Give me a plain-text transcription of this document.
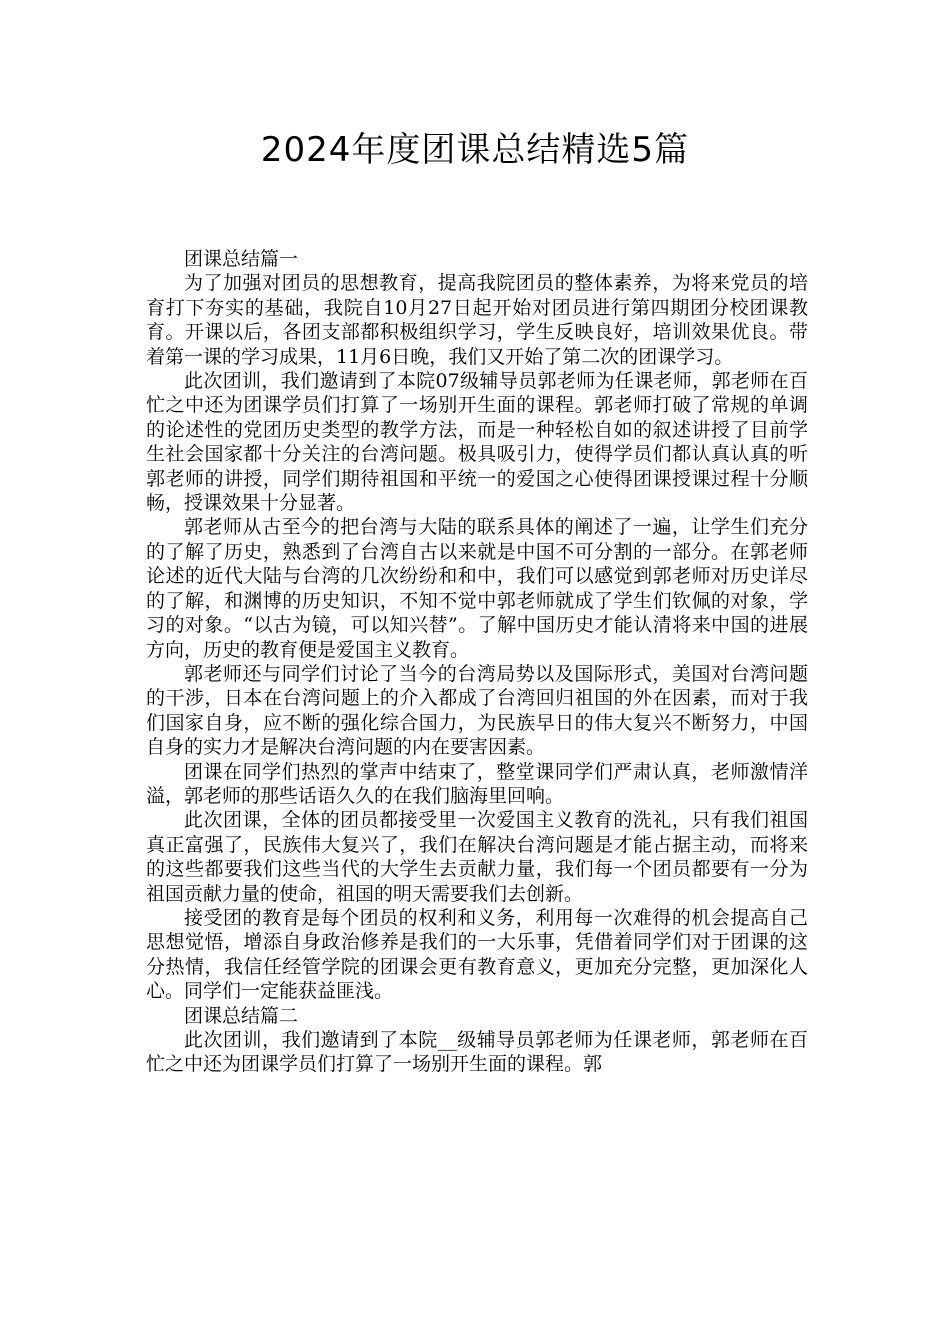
2024年度团课总结精选5篇

团课总结篇一

为了加强对团员的思想教育，提高我院团员的整体素养，为将来党员的培育打下夯实的基础，我院自10月27日起开始对团员进行第四期团分校团课教育。开课以后，各团支部都积极组织学习，学生反映良好，培训效果优良。带着第一课的学习成果，11月6日晚，我们又开始了第二次的团课学习。

此次团训，我们邀请到了本院07级辅导员郭老师为任课老师，郭老师在百忙之中还为团课学员们打算了一场别开生面的课程。郭老师打破了常规的单调的论述性的党团历史类型的教学方法，而是一种轻松自如的叙述讲授了目前学生社会国家都十分关注的台湾问题。极具吸引力，使得学员们都认真认真的听郭老师的讲授，同学们期待祖国和平统一的爱国之心使得团课授课过程十分顺畅，授课效果十分显著。

郭老师从古至今的把台湾与大陆的联系具体的阐述了一遍，让学生们充分的了解了历史，熟悉到了台湾自古以来就是中国不可分割的一部分。在郭老师论述的近代大陆与台湾的几次纷纷和和中，我们可以感觉到郭老师对历史详尽的了解，和渊博的历史知识，不知不觉中郭老师就成了学生们钦佩的对象，学习的对象。“以古为镜，可以知兴替”。了解中国历史才能认清将来中国的进展方向，历史的教育便是爱国主义教育。

郭老师还与同学们讨论了当今的台湾局势以及国际形式，美国对台湾问题的干涉，日本在台湾问题上的介入都成了台湾回归祖国的外在因素，而对于我们国家自身，应不断的强化综合国力，为民族早日的伟大复兴不断努力，中国自身的实力才是解决台湾问题的内在要害因素。

团课在同学们热烈的掌声中结束了，整堂课同学们严肃认真，老师激情洋溢，郭老师的那些话语久久的在我们脑海里回响。

此次团课，全体的团员都接受里一次爱国主义教育的洗礼，只有我们祖国真正富强了，民族伟大复兴了，我们在解决台湾问题是才能占据主动，而将来的这些都要我们这些当代的大学生去贡献力量，我们每一个团员都要有一分为祖国贡献力量的使命，祖国的明天需要我们去创新。

接受团的教育是每个团员的权利和义务，利用每一次难得的机会提高自己思想觉悟，增添自身政治修养是我们的一大乐事，凭借着同学们对于团课的这分热情，我信任经管学院的团课会更有教育意义，更加充分完整，更加深化人心。同学们一定能获益匪浅。

团课总结篇二

此次团训，我们邀请到了本院__级辅导员郭老师为任课老师，郭老师在百忙之中还为团课学员们打算了一场别开生面的课程。郭
